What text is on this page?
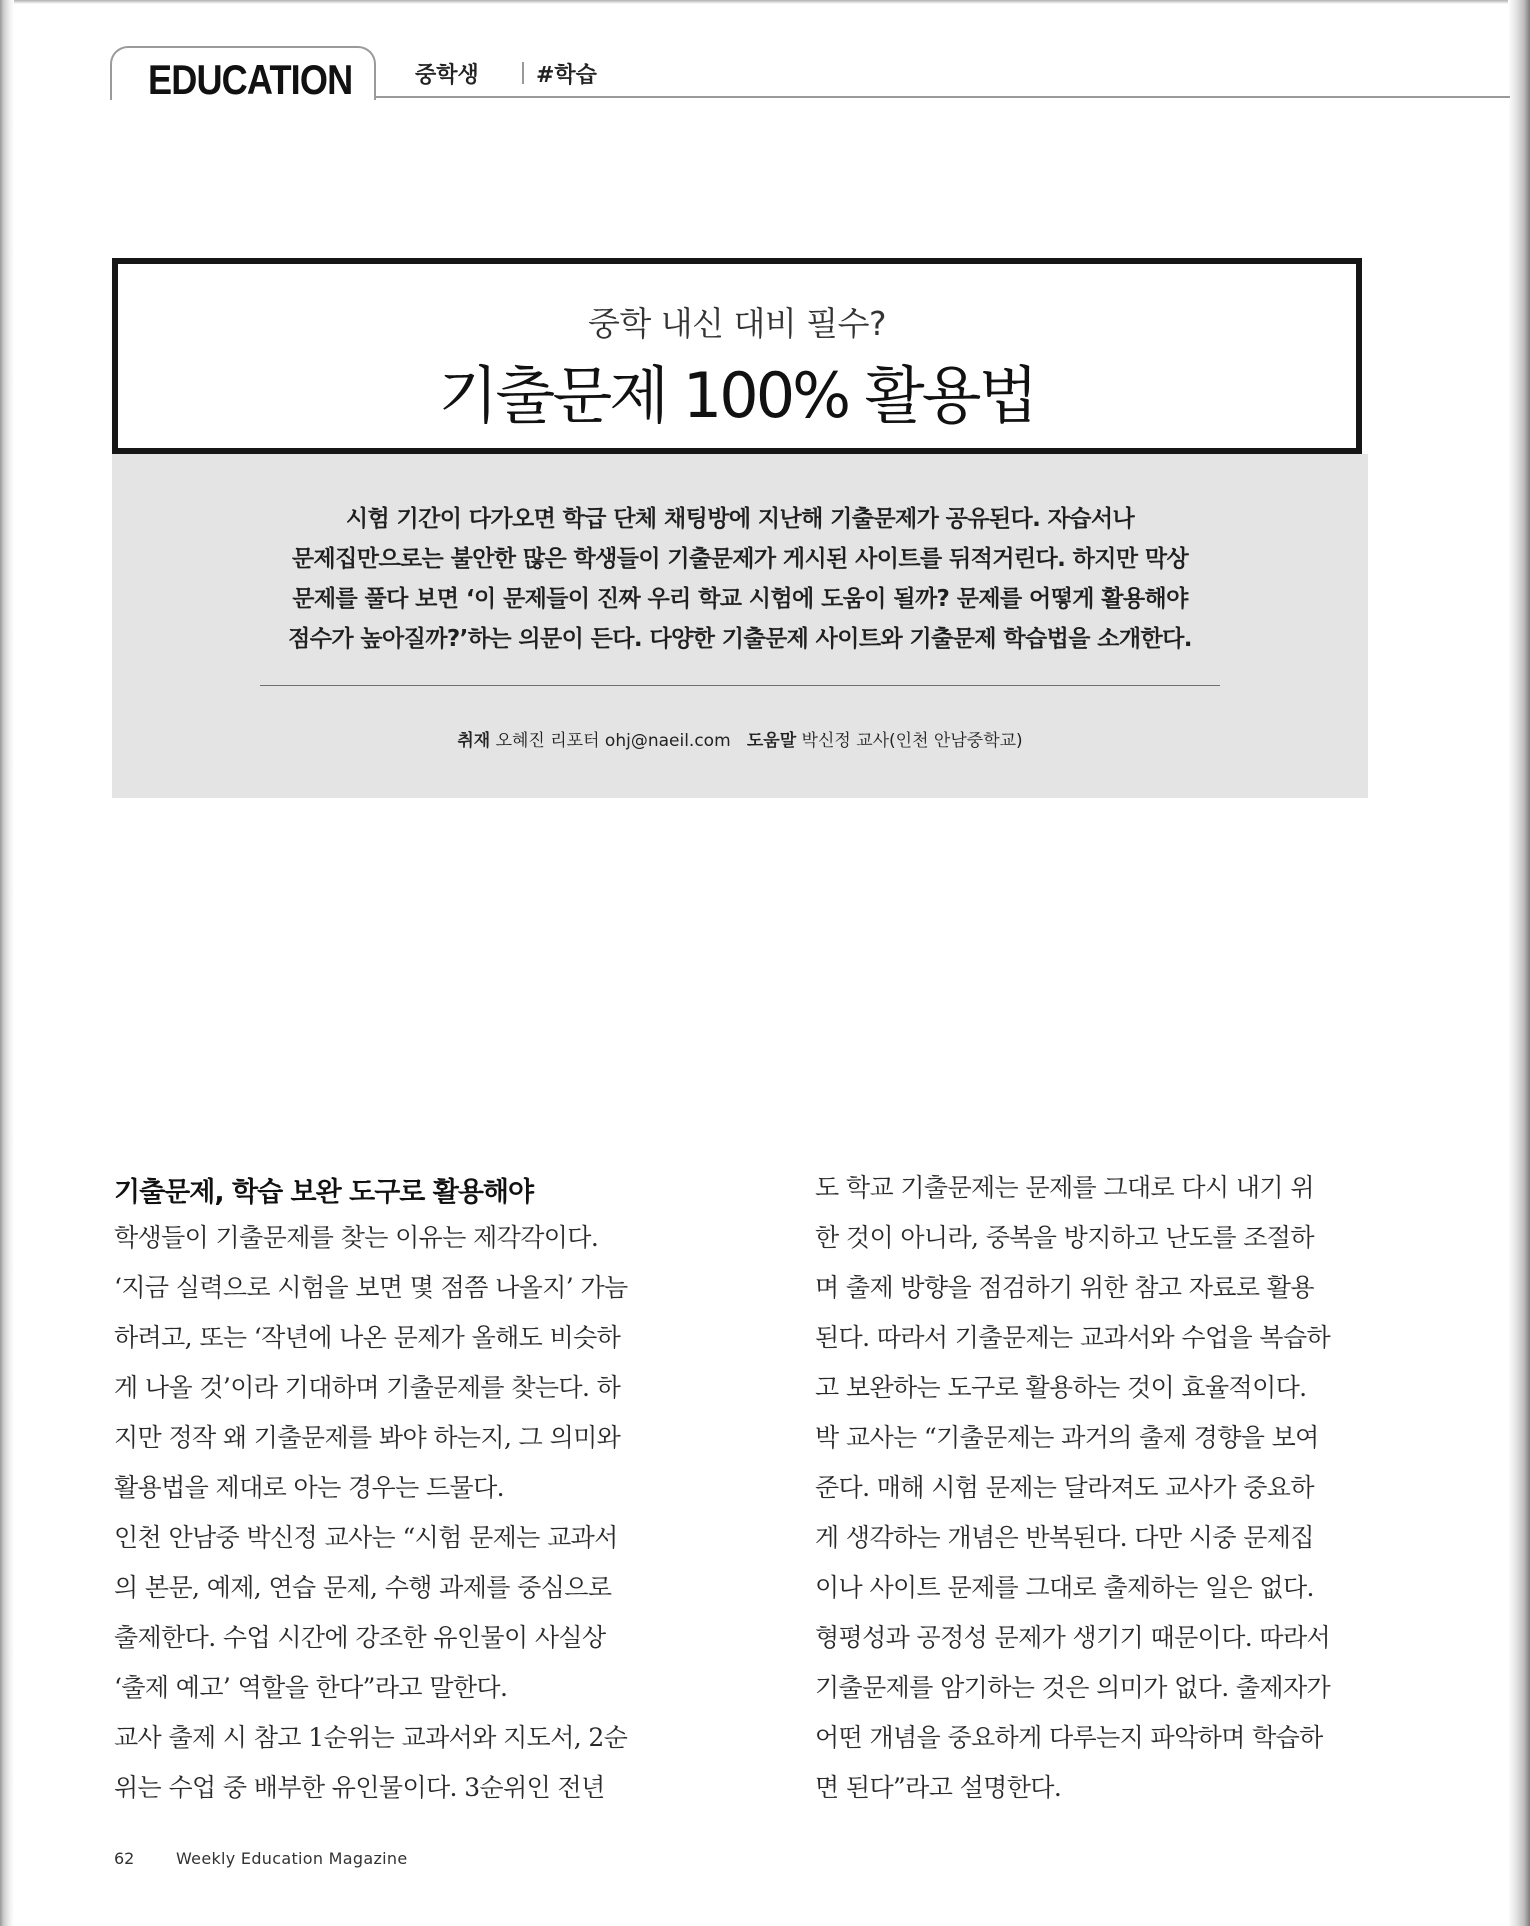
EDUCATION	중학생	#학습
중학 내신 대비 필수?
기출문제 100% 활용법
시험 기간이 다가오면 학급 단체 채팅방에 지난해 기출문제가 공유된다. 자습서나
문제집만으로는 불안한 많은 학생들이 기출문제가 게시된 사이트를 뒤적거린다. 하지만 막상
문제를 풀다 보면 ‘이 문제들이 진짜 우리 학교 시험에 도움이 될까? 문제를 어떻게 활용해야
점수가 높아질까?’하는 의문이 든다. 다양한 기출문제 사이트와 기출문제 학습법을 소개한다.
취재 오혜진 리포터 ohj@naeil.com 도움말 박신정 교사(인천 안남중학교)
기출문제, 학습 보완 도구로 활용해야
학생들이 기출문제를 찾는 이유는 제각각이다.
‘지금 실력으로 시험을 보면 몇 점쯤 나올지’ 가늠
하려고, 또는 ‘작년에 나온 문제가 올해도 비슷하
게 나올 것’이라 기대하며 기출문제를 찾는다. 하
지만 정작 왜 기출문제를 봐야 하는지, 그 의미와
활용법을 제대로 아는 경우는 드물다.
인천 안남중 박신정 교사는 “시험 문제는 교과서
의 본문, 예제, 연습 문제, 수행 과제를 중심으로
출제한다. 수업 시간에 강조한 유인물이 사실상
‘출제 예고’ 역할을 한다”라고 말한다.
교사 출제 시 참고 1순위는 교과서와 지도서, 2순
위는 수업 중 배부한 유인물이다. 3순위인 전년
도 학교 기출문제는 문제를 그대로 다시 내기 위
한 것이 아니라, 중복을 방지하고 난도를 조절하
며 출제 방향을 점검하기 위한 참고 자료로 활용
된다. 따라서 기출문제는 교과서와 수업을 복습하
고 보완하는 도구로 활용하는 것이 효율적이다.
박 교사는 “기출문제는 과거의 출제 경향을 보여
준다. 매해 시험 문제는 달라져도 교사가 중요하
게 생각하는 개념은 반복된다. 다만 시중 문제집
이나 사이트 문제를 그대로 출제하는 일은 없다.
형평성과 공정성 문제가 생기기 때문이다. 따라서
기출문제를 암기하는 것은 의미가 없다. 출제자가
어떤 개념을 중요하게 다루는지 파악하며 학습하
면 된다”라고 설명한다.
62	Weekly Education Magazine
